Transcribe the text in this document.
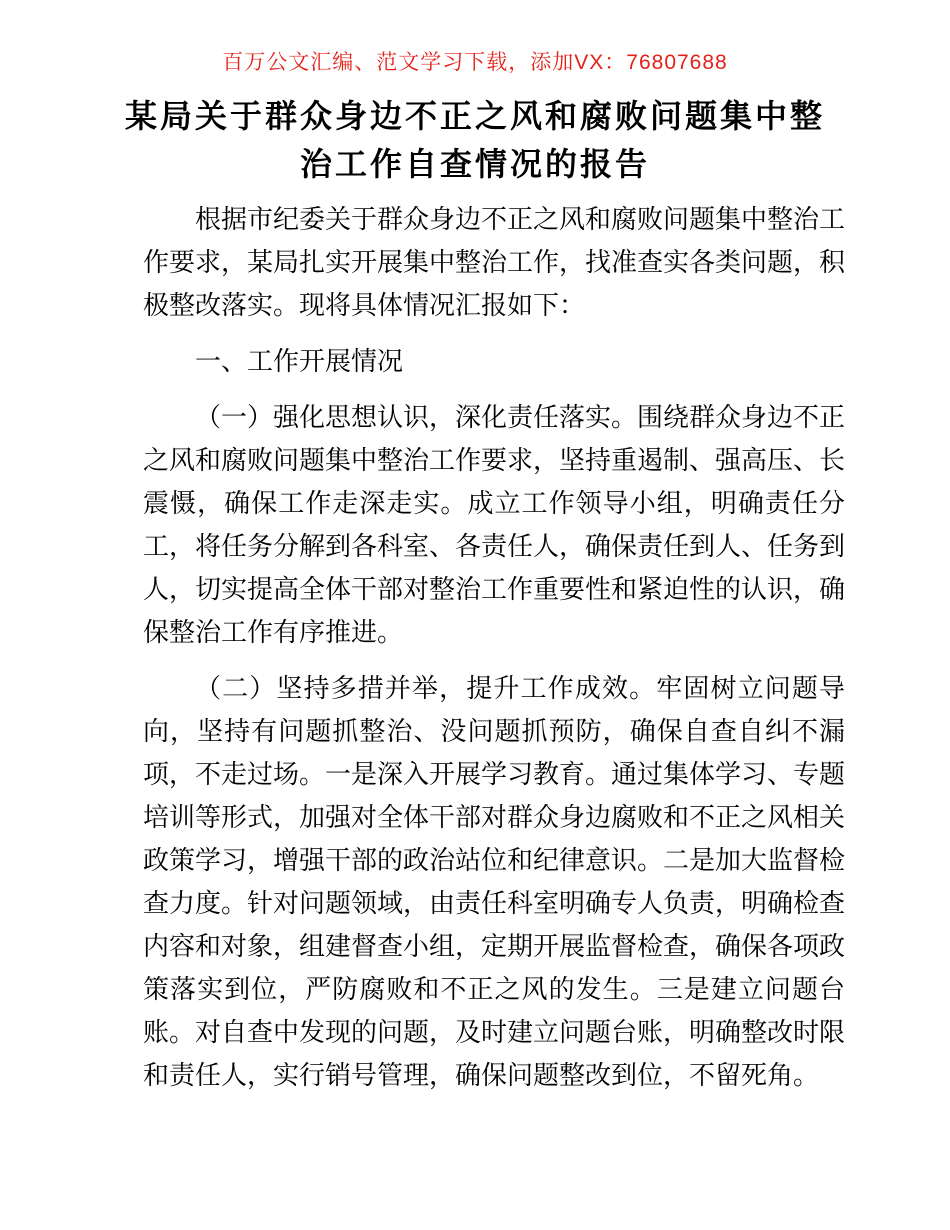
百万公文汇编、范文学习下载，添加VX：76807688
某局关于群众身边不正之风和腐败问题集中整治工作自查情况的报告

根据市纪委关于群众身边不正之风和腐败问题集中整治工作要求，某局扎实开展集中整治工作，找准查实各类问题，积极整改落实。现将具体情况汇报如下：

一、工作开展情况

（一）强化思想认识，深化责任落实。围绕群众身边不正之风和腐败问题集中整治工作要求，坚持重遏制、强高压、长震慑，确保工作走深走实。成立工作领导小组，明确责任分工，将任务分解到各科室、各责任人，确保责任到人、任务到人，切实提高全体干部对整治工作重要性和紧迫性的认识，确保整治工作有序推进。

（二）坚持多措并举，提升工作成效。牢固树立问题导向，坚持有问题抓整治、没问题抓预防，确保自查自纠不漏项，不走过场。一是深入开展学习教育。通过集体学习、专题培训等形式，加强对全体干部对群众身边腐败和不正之风相关政策学习，增强干部的政治站位和纪律意识。二是加大监督检查力度。针对问题领域，由责任科室明确专人负责，明确检查内容和对象，组建督查小组，定期开展监督检查，确保各项政策落实到位，严防腐败和不正之风的发生。三是建立问题台账。对自查中发现的问题，及时建立问题台账，明确整改时限和责任人，实行销号管理，确保问题整改到位，不留死角。
